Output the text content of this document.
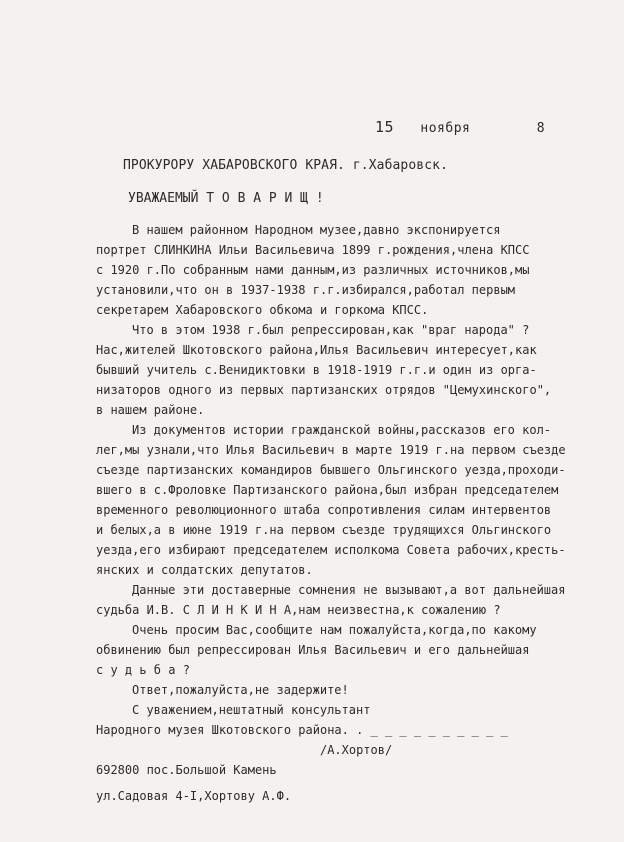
15 ноября	8
ПРОКУРОРУ ХАБАРОВСКОГО КРАЯ. г.Хабаровск.
УВАЖАЕМЫЙ Т О В А Р И Щ !
В нашем районном Народном музее,давно экспонируется
портрет СЛИНКИНА Ильи Васильевича 1899 г.рождения,члена КПСС
с 1920 г.По собранным нами данным,из различных источников,мы
установили,что он в 1937-1938 г.г.избирался,работал первым
секретарем Хабаровского обкома и горкома КПСС.
Что в этом 1938 г.был репрессирован,как "враг народа" ?
Нас,жителей Шкотовского района,Илья Васильевич интересует,как
бывший учитель с.Венидиктовки в 1918-1919 г.г.и один из орга-
низаторов одного из первых партизанских отрядов "Цемухинского",
в нашем районе.
Из документов истории гражданской войны,рассказов его кол-
лег,мы узнали,что Илья Васильевич в марте 1919 г.на первом съезде
съезде партизанских командиров бывшего Ольгинского уезда,проходи-
вшего в с.Фроловке Партизанского района,был избран председателем
временного революционного штаба сопротивления силам интервентов
и белых,а в июне 1919 г.на первом съезде трудящихся Ольгинского
уезда,его избирают председателем исполкома Совета рабочих,кресть-
янских и солдатских депутатов.
Данные эти доставерные сомнения не вызывают,а вот дальнейшая
судьба И.В. С Л И Н К И Н А,нам неизвестна,к сожалению ?
Очень просим Вас,сообщите нам пожалуйста,когда,по какому
обвинению был репрессирован Илья Васильевич и его дальнейшая
с у д ь б а ?
Ответ,пожалуйста,не задержите!
С уважением,нештатный консультант
Народного музея Шкотовского района. . _ _ _ _ _ _ _ _ _ _
/А.Хортов/
692800 пос.Большой Камень
ул.Садовая 4-I,Хортову А.Ф.
